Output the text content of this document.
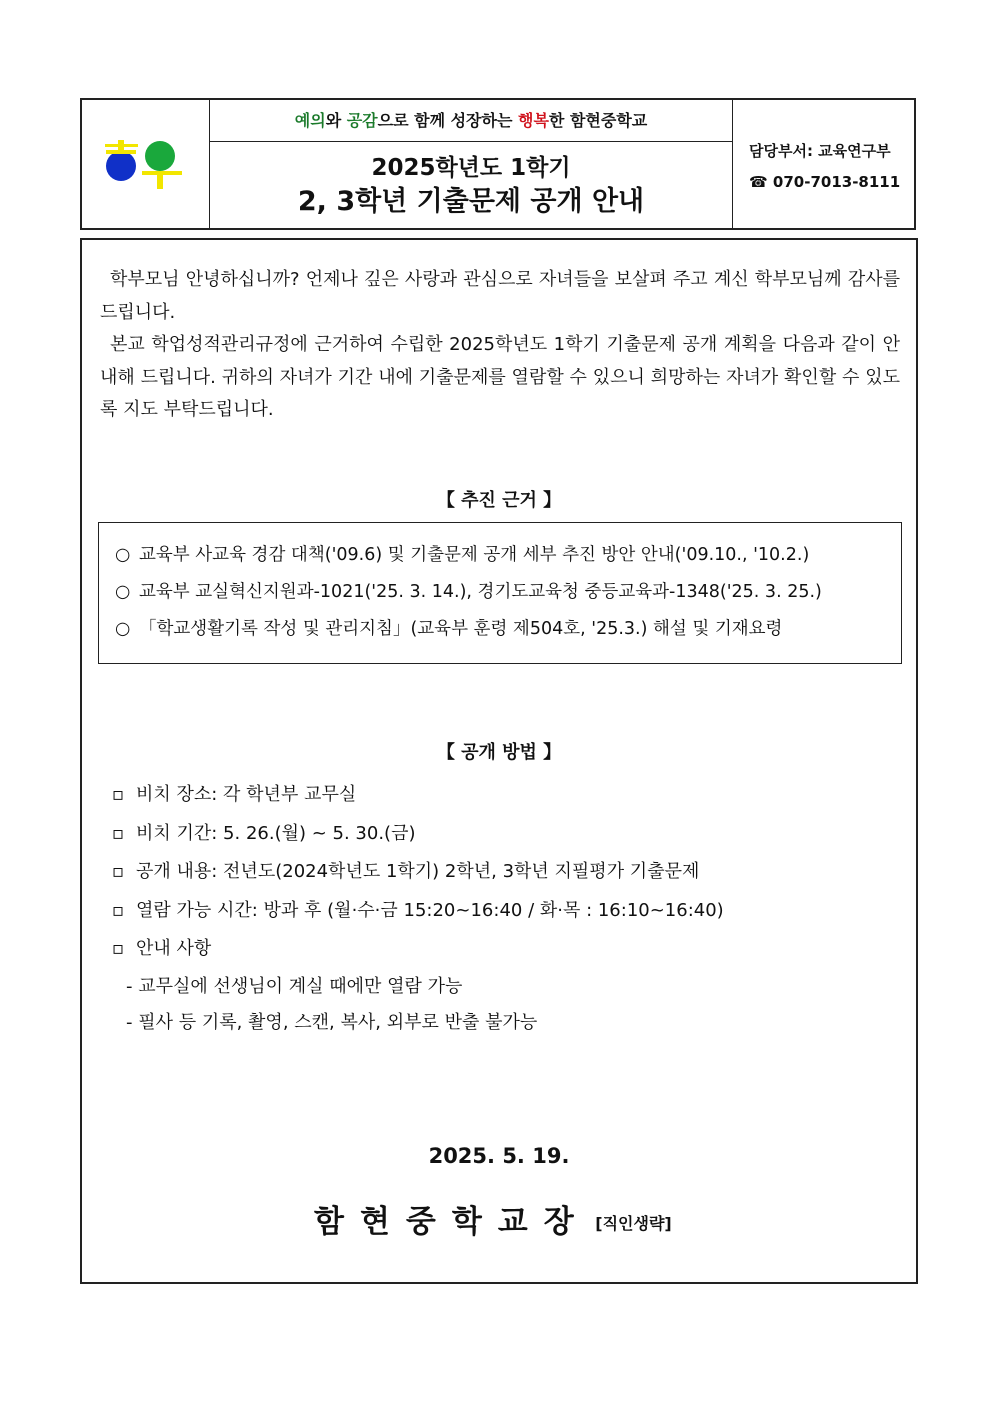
예의와 공감으로 함께 성장하는 행복한 함현중학교
2025학년도 1학기
2, 3학년 기출문제 공개 안내
담당부서: 교육연구부
☎ 070-7013-8111

학부모님 안녕하십니까? 언제나 깊은 사랑과 관심으로 자녀들을 보살펴 주고 계신 학부모님께 감사를 드립니다.

본교 학업성적관리규정에 근거하여 수립한 2025학년도 1학기 기출문제 공개 계획을 다음과 같이 안내해 드립니다. 귀하의 자녀가 기간 내에 기출문제를 열람할 수 있으니 희망하는 자녀가 확인할 수 있도록 지도 부탁드립니다.

【 추진 근거 】
○ 교육부 사교육 경감 대책('09.6) 및 기출문제 공개 세부 추진 방안 안내('09.10., '10.2.)
○ 교육부 교실혁신지원과-1021('25. 3. 14.), 경기도교육청 중등교육과-1348('25. 3. 25.)
○ 「학교생활기록 작성 및 관리지침」(교육부 훈령 제504호, '25.3.) 해설 및 기재요령
【 공개 방법 】
▫ 비치 장소: 각 학년부 교무실
▫ 비치 기간: 5. 26.(월) ~ 5. 30.(금)
▫ 공개 내용: 전년도(2024학년도 1학기) 2학년, 3학년 지필평가 기출문제
▫ 열람 가능 시간: 방과 후 (월·수·금 15:20~16:40 / 화·목 : 16:10~16:40)
▫ 안내 사항
- 교무실에 선생님이 계실 때에만 열람 가능
- 필사 등 기록, 촬영, 스캔, 복사, 외부로 반출 불가능
2025. 5. 19.
함현중학교장 [직인생략]
